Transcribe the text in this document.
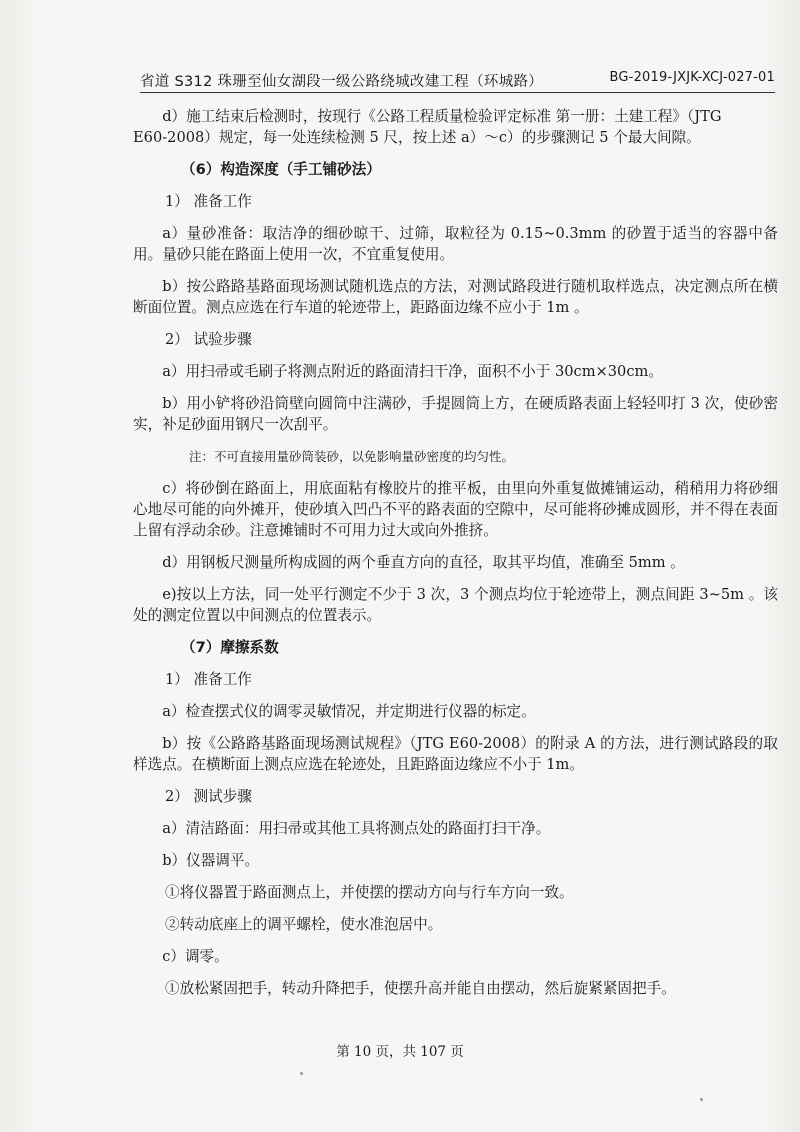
省道 S312 珠珊至仙女湖段一级公路绕城改建工程（环城路）	BG-2019-JXJK-XCJ-027-01

d）施工结束后检测时，按现行《公路工程质量检验评定标准 第一册：土建工程》（JTG

E60-2008）规定，每一处连续检测 5 尺，按上述 a）～c）的步骤测记 5 个最大间隙。

（6）构造深度（手工铺砂法）
1） 准备工作

a）量砂准备：取洁净的细砂晾干、过筛，取粒径为 0.15~0.3mm 的砂置于适当的容器中备用。量砂只能在路面上使用一次，不宜重复使用。

b）按公路路基路面现场测试随机选点的方法，对测试路段进行随机取样选点，决定测点所在横断面位置。测点应选在行车道的轮迹带上，距路面边缘不应小于 1m 。

2） 试验步骤

a）用扫帚或毛刷子将测点附近的路面清扫干净，面积不小于 30cm×30cm。

b）用小铲将砂沿筒壁向圆筒中注满砂，手提圆筒上方，在硬质路表面上轻轻叩打 3 次，使砂密实，补足砂面用钢尺一次刮平。

注：不可直接用量砂筒装砂，以免影响量砂密度的均匀性。

c）将砂倒在路面上，用底面粘有橡胶片的推平板，由里向外重复做摊铺运动，稍稍用力将砂细心地尽可能的向外摊开，使砂填入凹凸不平的路表面的空隙中，尽可能将砂摊成圆形，并不得在表面上留有浮动余砂。注意摊铺时不可用力过大或向外推挤。

d）用钢板尺测量所构成圆的两个垂直方向的直径，取其平均值，准确至 5mm 。

e)按以上方法，同一处平行测定不少于 3 次，3 个测点均位于轮迹带上，测点间距 3~5m 。该处的测定位置以中间测点的位置表示。

（7）摩擦系数
1） 准备工作

a）检查摆式仪的调零灵敏情况，并定期进行仪器的标定。

b）按《公路路基路面现场测试规程》（JTG E60-2008）的附录 A 的方法，进行测试路段的取样选点。在横断面上测点应选在轮迹处，且距路面边缘应不小于 1m。

2） 测试步骤

a）清洁路面：用扫帚或其他工具将测点处的路面打扫干净。

b）仪器调平。

①将仪器置于路面测点上，并使摆的摆动方向与行车方向一致。
②转动底座上的调平螺栓，使水准泡居中。

c）调零。

①放松紧固把手，转动升降把手，使摆升高并能自由摆动，然后旋紧紧固把手。
第 10 页，共 107 页
